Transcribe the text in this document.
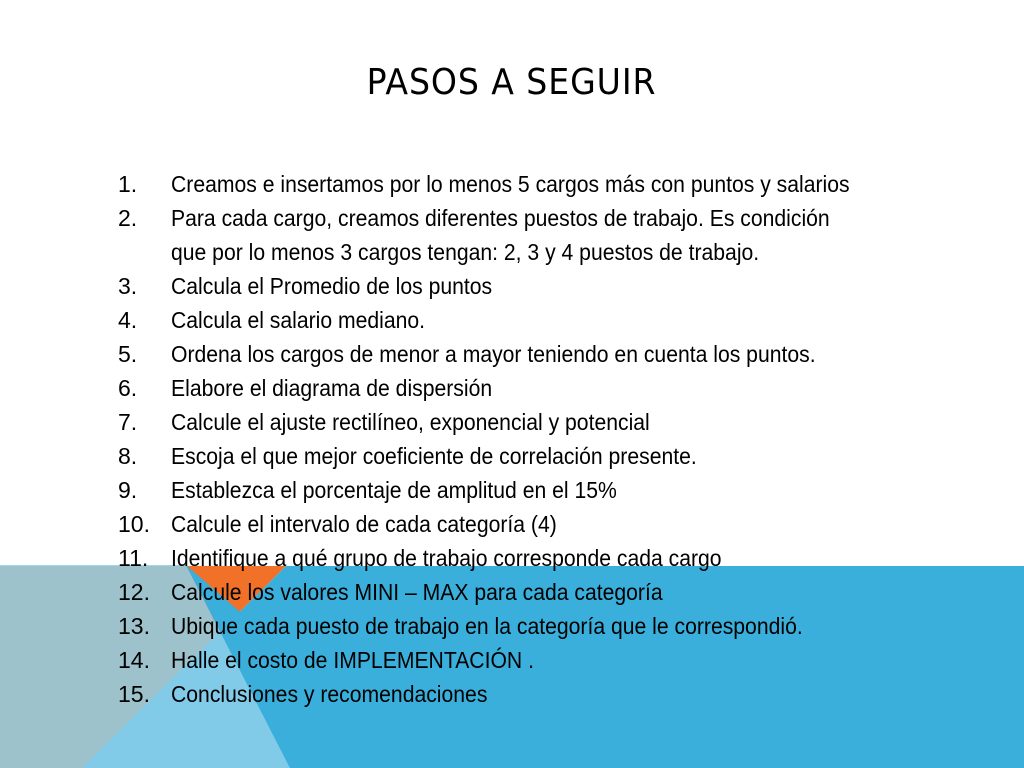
PASOS A SEGUIR
1. Creamos e insertamos por lo menos 5 cargos más con puntos y salarios
2. Para cada cargo, creamos diferentes puestos de trabajo. Es condición
que por lo menos 3 cargos tengan: 2, 3 y 4 puestos de trabajo.
3. Calcula el Promedio de los puntos
4. Calcula el salario mediano.
5. Ordena los cargos de menor a mayor teniendo en cuenta los puntos.
6. Elabore el diagrama de dispersión
7. Calcule el ajuste rectilíneo, exponencial y potencial
8. Escoja el que mejor coeficiente de correlación presente.
9. Establezca el porcentaje de amplitud en el 15%
10. Calcule el intervalo de cada categoría (4)
11. Identifique a qué grupo de trabajo corresponde cada cargo
12. Calcule los valores MINI – MAX para cada categoría
13. Ubique cada puesto de trabajo en la categoría que le correspondió.
14. Halle el costo de IMPLEMENTACIÓN .
15. Conclusiones y recomendaciones
